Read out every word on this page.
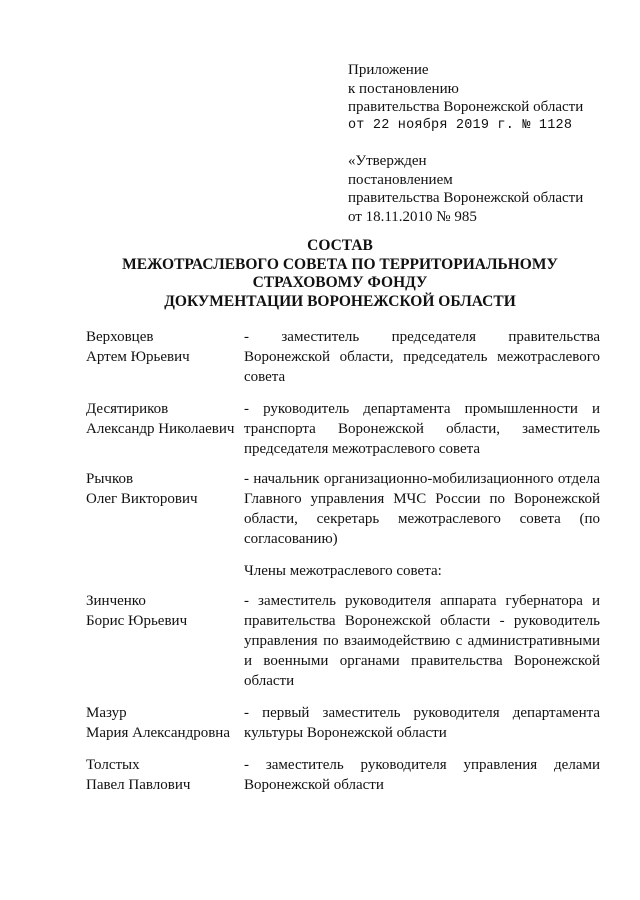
Приложение
к постановлению
правительства Воронежской области
от 22 ноября 2019 г. № 1128
«Утвержден
постановлением
правительства Воронежской области
от 18.11.2010 № 985
СОСТАВ
МЕЖОТРАСЛЕВОГО СОВЕТА ПО ТЕРРИТОРИАЛЬНОМУ
СТРАХОВОМУ ФОНДУ
ДОКУМЕНТАЦИИ ВОРОНЕЖСКОЙ ОБЛАСТИ
Верховцев
Артем Юрьевич
- заместитель председателя правительства Воронежской области, председатель межотраслевого совета
Десятириков
Александр Николаевич
- руководитель департамента промышленности и транспорта Воронежской области, заместитель председателя межотраслевого совета
Рычков
Олег Викторович
- начальник организационно-мобилизационного отдела Главного управления МЧС России по Воронежской области, секретарь межотраслевого совета (по согласованию)
Члены межотраслевого совета:
Зинченко
Борис Юрьевич
- заместитель руководителя аппарата губернатора и правительства Воронежской области - руководитель управления по взаимодействию с административными и военными органами правительства Воронежской области
Мазур
Мария Александровна
- первый заместитель руководителя департамента культуры Воронежской области
Толстых
Павел Павлович
- заместитель руководителя управления делами Воронежской области
